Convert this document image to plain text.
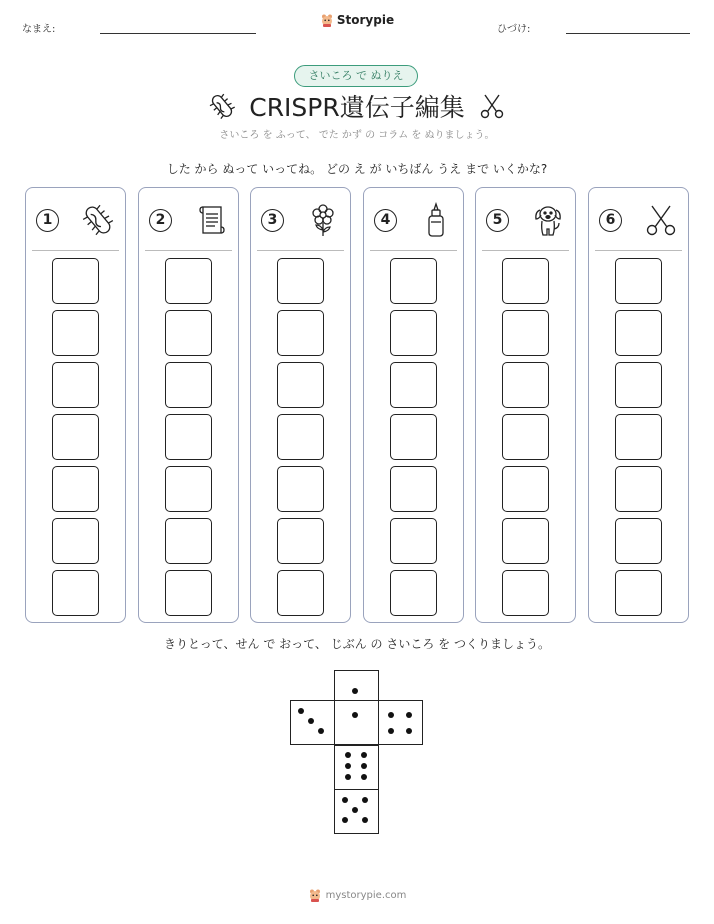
なまえ:
Storypie
ひづけ:
さいころ で ぬりえ
CRISPR遺伝子編集
さいころ を ふって、 でた かず の コラム を ぬりましょう。
した から ぬって いってね。 どの え が いちばん うえ まで いくかな?
1	2	3	4	5	6
きりとって、せん で おって、 じぶん の さいころ を つくりましょう。
mystorypie.com
